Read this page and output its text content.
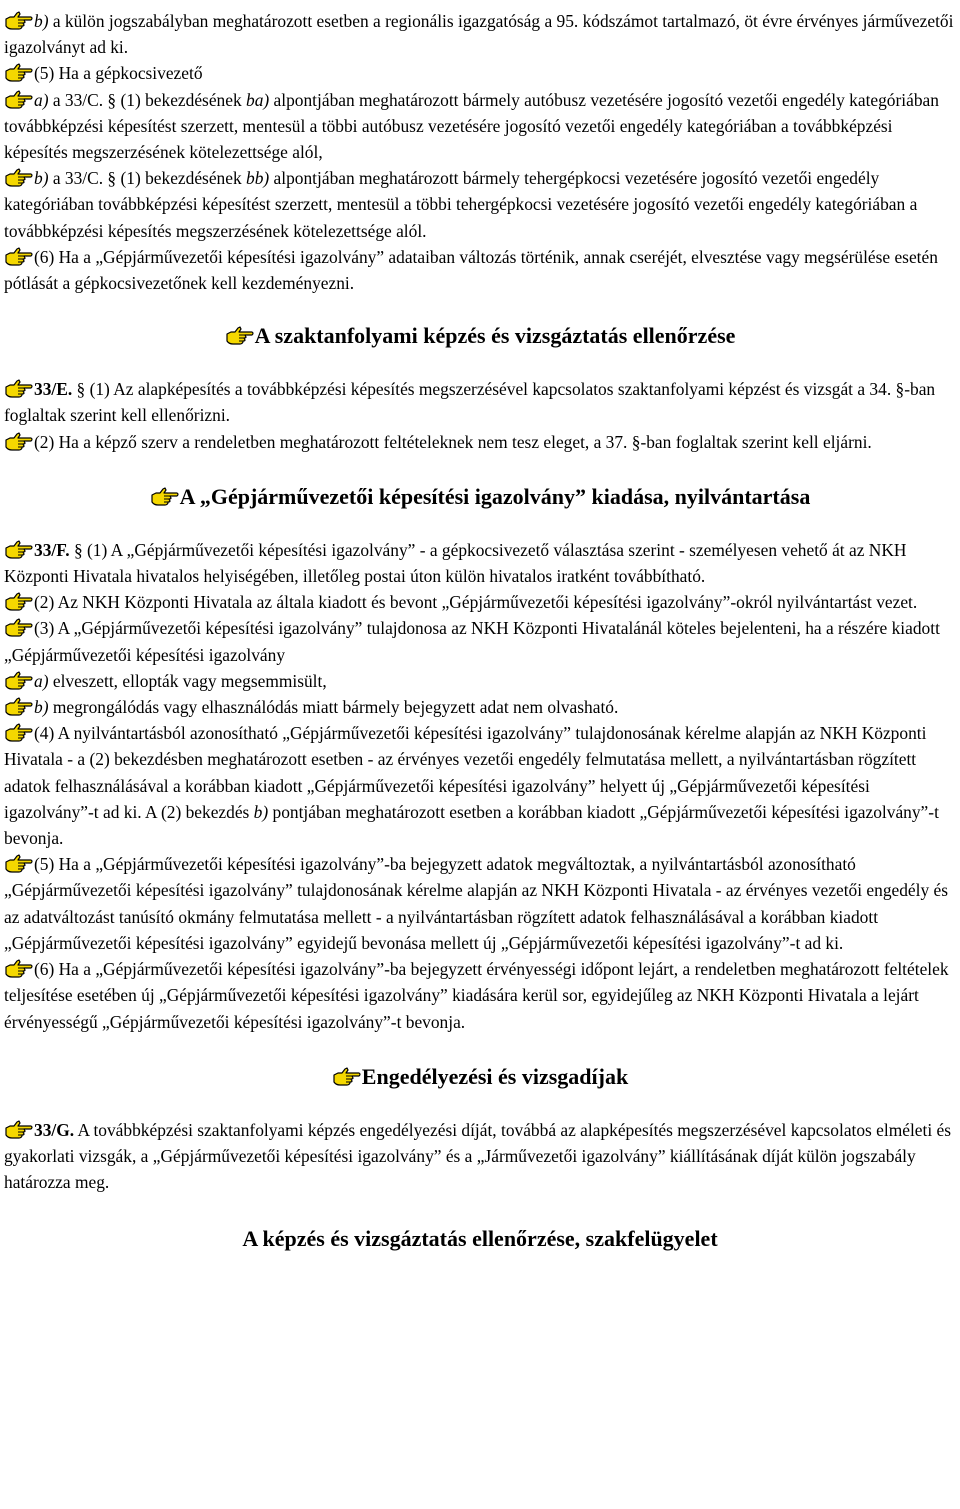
b) a külön jogszabályban meghatározott esetben a regionális igazgatóság a 95. kódszámot tartalmazó, öt évre érvényes járművezetői igazolványt ad ki.

(5) Ha a gépkocsivezető

a) a 33/C. § (1) bekezdésének ba) alpontjában meghatározott bármely autóbusz vezetésére jogosító vezetői engedély kategóriában továbbképzési képesítést szerzett, mentesül a többi autóbusz vezetésére jogosító vezetői engedély kategóriában a továbbképzési képesítés megszerzésének kötelezettsége alól,

b) a 33/C. § (1) bekezdésének bb) alpontjában meghatározott bármely tehergépkocsi vezetésére jogosító vezetői engedély kategóriában továbbképzési képesítést szerzett, mentesül a többi tehergépkocsi vezetésére jogosító vezetői engedély kategóriában a továbbképzési képesítés megszerzésének kötelezettsége alól.

(6) Ha a „Gépjárművezetői képesítési igazolvány” adataiban változás történik, annak cseréjét, elvesztése vagy megsérülése esetén pótlását a gépkocsivezetőnek kell kezdeményezni.

A szaktanfolyami képzés és vizsgáztatás ellenőrzése

33/E. § (1) Az alapképesítés a továbbképzési képesítés megszerzésével kapcsolatos szaktanfolyami képzést és vizsgát a 34. §-ban foglaltak szerint kell ellenőrizni.

(2) Ha a képző szerv a rendeletben meghatározott feltételeknek nem tesz eleget, a 37. §-ban foglaltak szerint kell eljárni.

A „Gépjárművezetői képesítési igazolvány” kiadása, nyilvántartása

33/F. § (1) A „Gépjárművezetői képesítési igazolvány” - a gépkocsivezető választása szerint - személyesen vehető át az NKH Központi Hivatala hivatalos helyiségében, illetőleg postai úton külön hivatalos iratként továbbítható.

(2) Az NKH Központi Hivatala az általa kiadott és bevont „Gépjárművezetői képesítési igazolvány”-okról nyilvántartást vezet.

(3) A „Gépjárművezetői képesítési igazolvány” tulajdonosa az NKH Központi Hivatalánál köteles bejelenteni, ha a részére kiadott „Gépjárművezetői képesítési igazolvány

a) elveszett, ellopták vagy megsemmisült,

b) megrongálódás vagy elhasználódás miatt bármely bejegyzett adat nem olvasható.

(4) A nyilvántartásból azonosítható „Gépjárművezetői képesítési igazolvány” tulajdonosának kérelme alapján az NKH Központi Hivatala - a (2) bekezdésben meghatározott esetben - az érvényes vezetői engedély felmutatása mellett, a nyilvántartásban rögzített adatok felhasználásával a korábban kiadott „Gépjárművezetői képesítési igazolvány” helyett új „Gépjárművezetői képesítési igazolvány”-t ad ki. A (2) bekezdés b) pontjában meghatározott esetben a korábban kiadott „Gépjárművezetői képesítési igazolvány”-t bevonja.

(5) Ha a „Gépjárművezetői képesítési igazolvány”-ba bejegyzett adatok megváltoztak, a nyilvántartásból azonosítható „Gépjárművezetői képesítési igazolvány” tulajdonosának kérelme alapján az NKH Központi Hivatala - az érvényes vezetői engedély és az adatváltozást tanúsító okmány felmutatása mellett - a nyilvántartásban rögzített adatok felhasználásával a korábban kiadott „Gépjárművezetői képesítési igazolvány” egyidejű bevonása mellett új „Gépjárművezetői képesítési igazolvány”-t ad ki.

(6) Ha a „Gépjárművezetői képesítési igazolvány”-ba bejegyzett érvényességi időpont lejárt, a rendeletben meghatározott feltételek teljesítése esetében új „Gépjárművezetői képesítési igazolvány” kiadására kerül sor, egyidejűleg az NKH Központi Hivatala a lejárt érvényességű „Gépjárművezetői képesítési igazolvány”-t bevonja.

Engedélyezési és vizsgadíjak

33/G. A továbbképzési szaktanfolyami képzés engedélyezési díját, továbbá az alapképesítés megszerzésével kapcsolatos elméleti és gyakorlati vizsgák, a „Gépjárművezetői képesítési igazolvány” és a „Járművezetői igazolvány” kiállításának díját külön jogszabály határozza meg.

A képzés és vizsgáztatás ellenőrzése, szakfelügyelet
